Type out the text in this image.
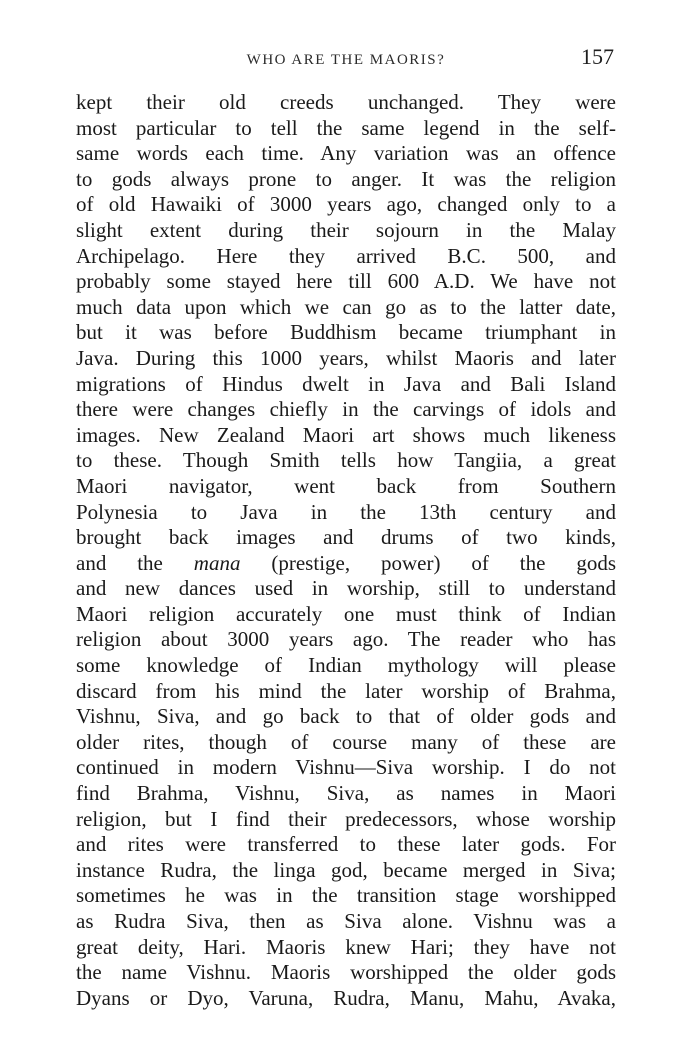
WHO ARE THE MAORIS?	157
kept their old creeds unchanged. They were
most particular to tell the same legend in the self-
same words each time. Any variation was an offence
to gods always prone to anger. It was the religion
of old Hawaiki of 3000 years ago, changed only to a
slight extent during their sojourn in the Malay
Archipelago. Here they arrived B.C. 500, and
probably some stayed here till 600 A.D. We have not
much data upon which we can go as to the latter date,
but it was before Buddhism became triumphant in
Java. During this 1000 years, whilst Maoris and later
migrations of Hindus dwelt in Java and Bali Island
there were changes chiefly in the carvings of idols and
images. New Zealand Maori art shows much likeness
to these. Though Smith tells how Tangiia, a great
Maori navigator, went back from Southern
Polynesia to Java in the 13th century and
brought back images and drums of two kinds,
and the mana (prestige, power) of the gods
and new dances used in worship, still to understand
Maori religion accurately one must think of Indian
religion about 3000 years ago. The reader who has
some knowledge of Indian mythology will please
discard from his mind the later worship of Brahma,
Vishnu, Siva, and go back to that of older gods and
older rites, though of course many of these are
continued in modern Vishnu—Siva worship. I do not
find Brahma, Vishnu, Siva, as names in Maori
religion, but I find their predecessors, whose worship
and rites were transferred to these later gods. For
instance Rudra, the linga god, became merged in Siva;
sometimes he was in the transition stage worshipped
as Rudra Siva, then as Siva alone. Vishnu was a
great deity, Hari. Maoris knew Hari; they have not
the name Vishnu. Maoris worshipped the older gods
Dyans or Dyo, Varuna, Rudra, Manu, Mahu, Avaka,
